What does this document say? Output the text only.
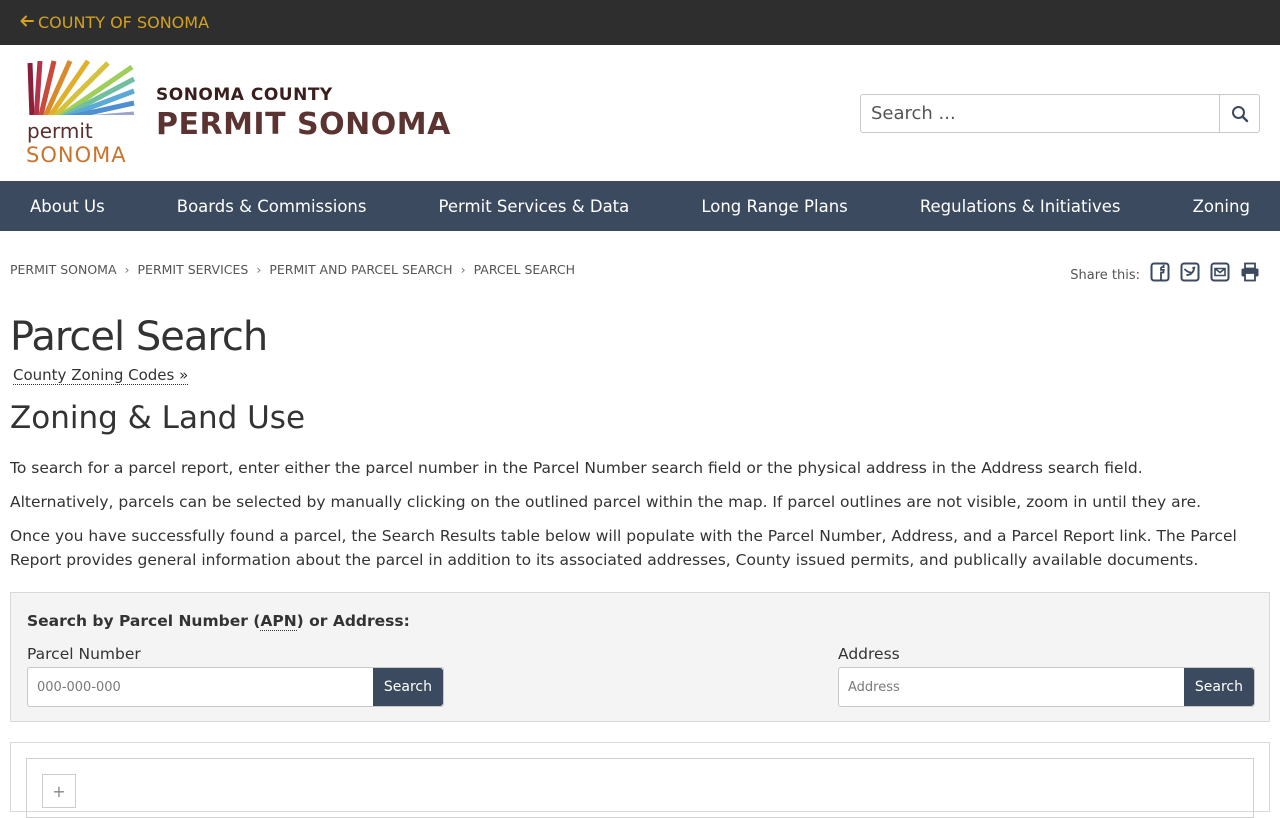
COUNTY OF SONOMA
permit
SONOMA
SONOMA COUNTY
PERMIT SONOMA
Search ...
About Us	Boards & Commissions	Permit Services & Data	Long Range Plans	Regulations & Initiatives	Zoning
PERMIT SONOMA › PERMIT SERVICES › PERMIT AND PARCEL SEARCH › PARCEL SEARCH	Share this:
Parcel Search
County Zoning Codes »
Zoning & Land Use

To search for a parcel report, enter either the parcel number in the Parcel Number search field or the physical address in the Address search field.

Alternatively, parcels can be selected by manually clicking on the outlined parcel within the map. If parcel outlines are not visible, zoom in until they are.

Once you have successfully found a parcel, the Search Results table below will populate with the Parcel Number, Address, and a Parcel Report link. The Parcel Report provides general information about the parcel in addition to its associated addresses, County issued permits, and publically available documents.

Search by Parcel Number (APN) or Address:
Parcel Number
000-000-000
Search
Address
Address
Search
+
